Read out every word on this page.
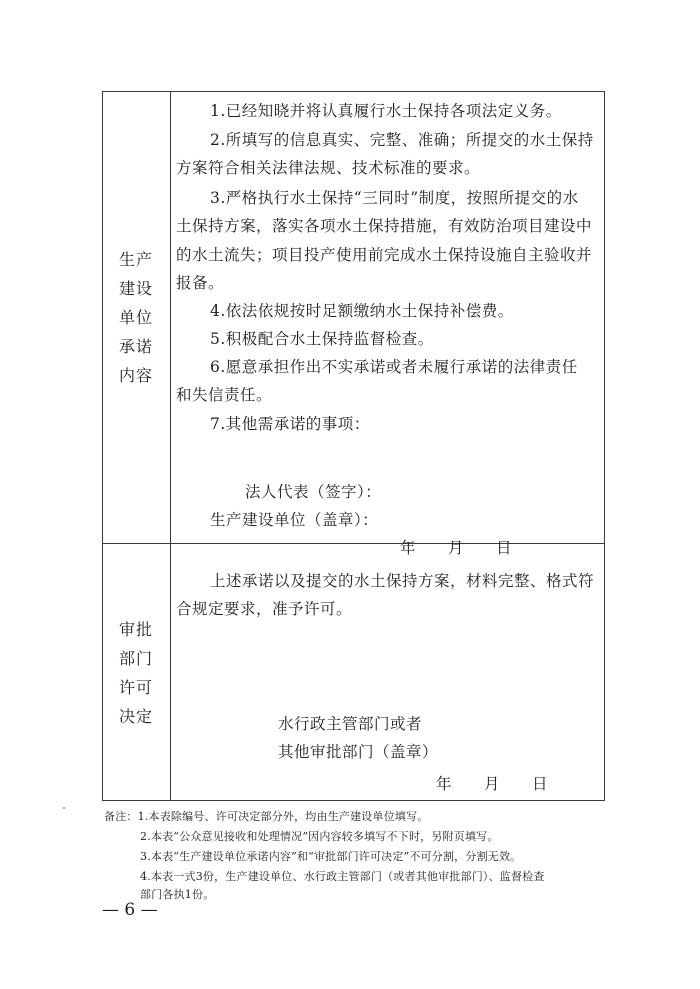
生产
建设
单位
承诺
内容
1.已经知晓并将认真履行水土保持各项法定义务。
2.所填写的信息真实、完整、准确；所提交的水土保持
方案符合相关法律法规、技术标准的要求。
3.严格执行水土保持“三同时”制度，按照所提交的水
土保持方案，落实各项水土保持措施，有效防治项目建设中
的水土流失；项目投产使用前完成水土保持设施自主验收并
报备。
4.依法依规按时足额缴纳水土保持补偿费。
5.积极配合水土保持监督检查。
6.愿意承担作出不实承诺或者未履行承诺的法律责任
和失信责任。
7.其他需承诺的事项：
法人代表（签字）：
生产建设单位（盖章）：
年　　月　　日
审批
部门
许可
决定
上述承诺以及提交的水土保持方案，材料完整、格式符
合规定要求，准予许可。
水行政主管部门或者
其他审批部门（盖章）
年　　月　　日
备注：1.本表除编号、许可决定部分外，均由生产建设单位填写。
2.本表“公众意见接收和处理情况”因内容较多填写不下时，另附页填写。
3.本表“生产建设单位承诺内容”和“审批部门许可决定”不可分割，分割无效。
4.本表一式3份，生产建设单位、水行政主管部门（或者其他审批部门）、监督检查
部门各执1份。
— 6 —
